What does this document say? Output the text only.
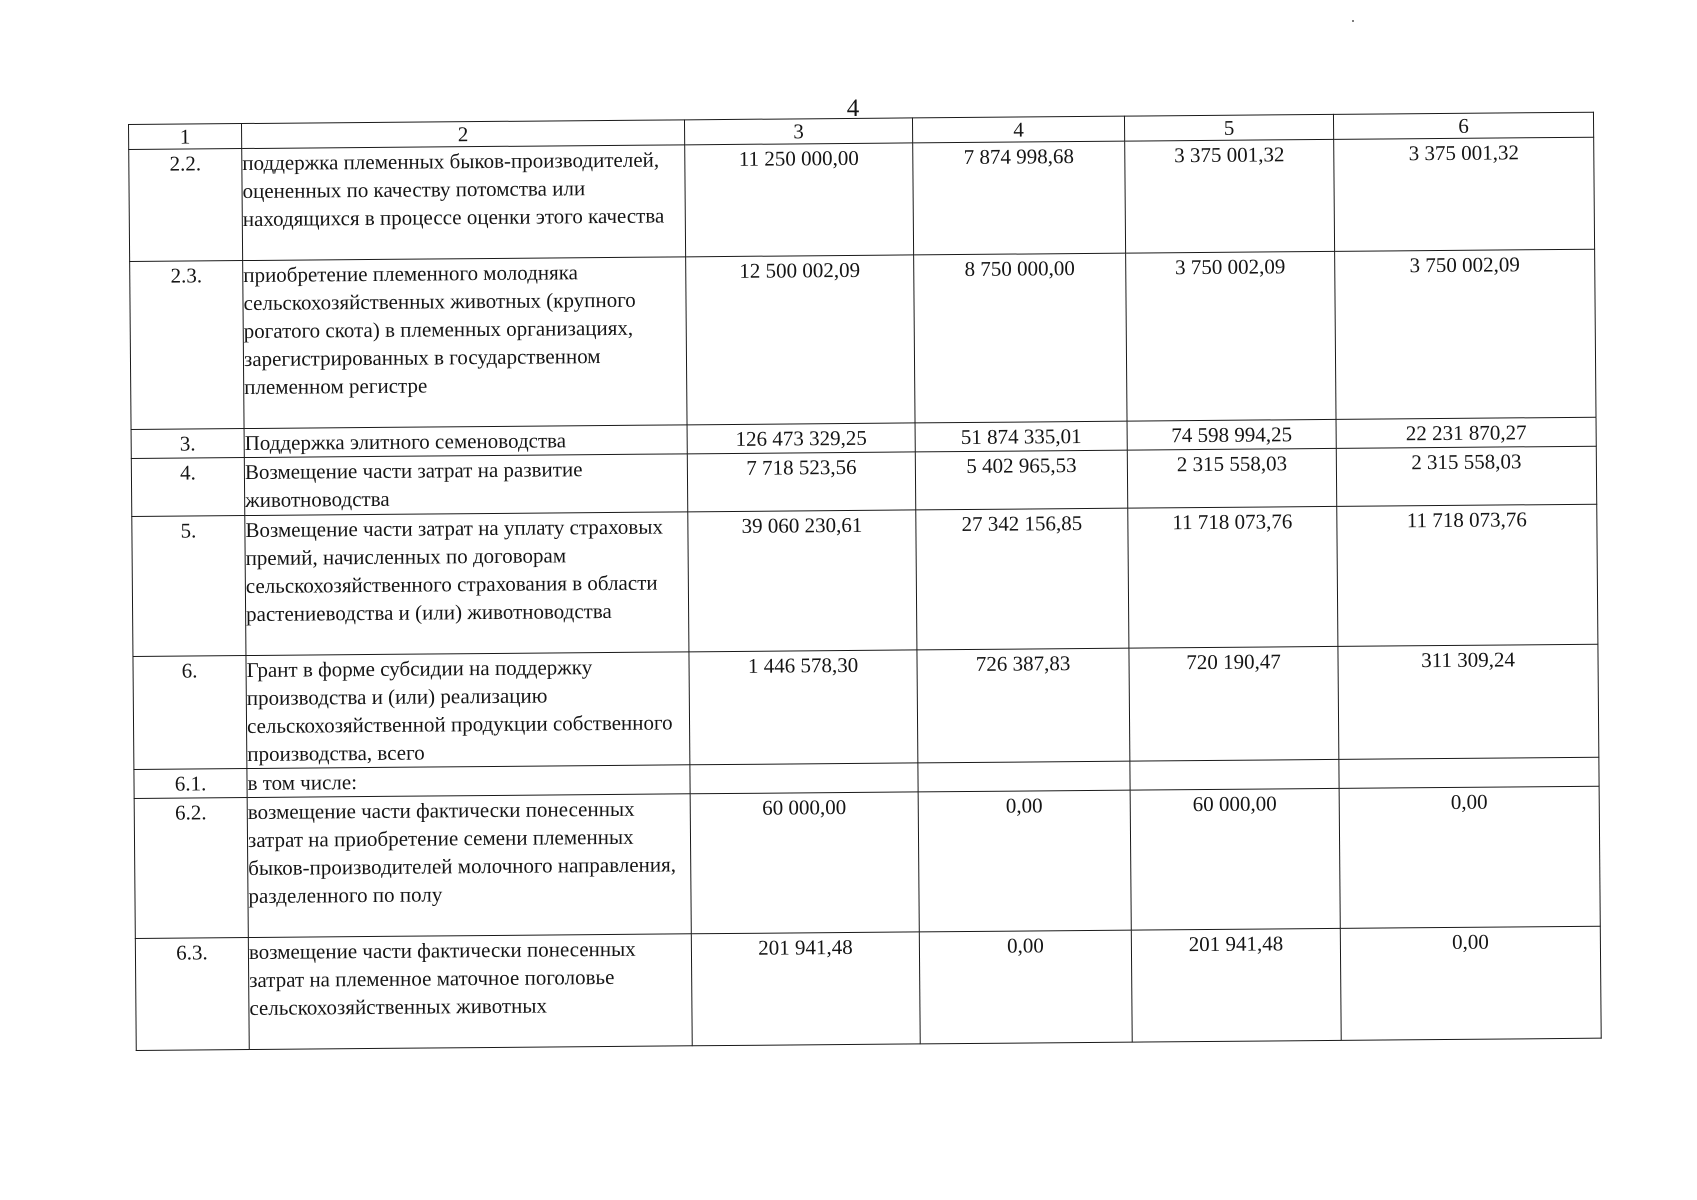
4
1	2	3	4	5	6
2.2.	поддержка племенных быков-производителей, оцененных по качеству потомства или находящихся в процессе оценки этого качества	11 250 000,00	7 874 998,68	3 375 001,32	3 375 001,32
2.3.	приобретение племенного молодняка сельскохозяйственных животных (крупного рогатого скота) в племенных организациях, зарегистрированных в государственном племенном регистре	12 500 002,09	8 750 000,00	3 750 002,09	3 750 002,09
3.	Поддержка элитного семеноводства	126 473 329,25	51 874 335,01	74 598 994,25	22 231 870,27
4.	Возмещение части затрат на развитие животноводства	7 718 523,56	5 402 965,53	2 315 558,03	2 315 558,03
5.	Возмещение части затрат на уплату страховых премий, начисленных по договорам сельскохозяйственного страхования в области растениеводства и (или) животноводства	39 060 230,61	27 342 156,85	11 718 073,76	11 718 073,76
6.	Грант в форме субсидии на поддержку производства и (или) реализацию сельскохозяйственной продукции собственного производства, всего	1 446 578,30	726 387,83	720 190,47	311 309,24
6.1.	в том числе:				
6.2.	возмещение части фактически понесенных затрат на приобретение семени племенных быков-производителей молочного направления, разделенного по полу	60 000,00	0,00	60 000,00	0,00
6.3.	возмещение части фактически понесенных затрат на племенное маточное поголовье сельскохозяйственных животных	201 941,48	0,00	201 941,48	0,00
